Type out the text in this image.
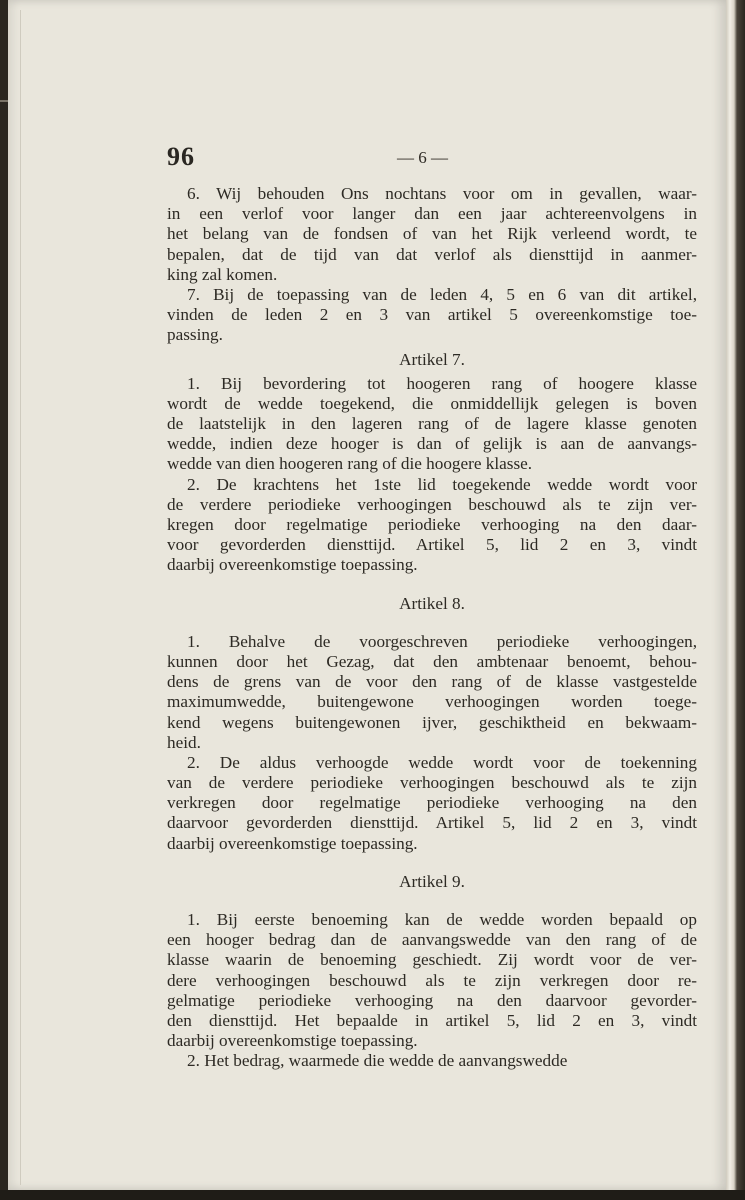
96	— 6 —
6. Wij behouden Ons nochtans voor om in gevallen, waar-
in een verlof voor langer dan een jaar achtereenvolgens in
het belang van de fondsen of van het Rijk verleend wordt, te
bepalen, dat de tijd van dat verlof als diensttijd in aanmer-
king zal komen.
7. Bij de toepassing van de leden 4, 5 en 6 van dit artikel,
vinden de leden 2 en 3 van artikel 5 overeenkomstige toe-
passing.
Artikel 7.
1. Bij bevordering tot hoogeren rang of hoogere klasse
wordt de wedde toegekend, die onmiddellijk gelegen is boven
de laatstelijk in den lageren rang of de lagere klasse genoten
wedde, indien deze hooger is dan of gelijk is aan de aanvangs-
wedde van dien hoogeren rang of die hoogere klasse.
2. De krachtens het 1ste lid toegekende wedde wordt voor
de verdere periodieke verhoogingen beschouwd als te zijn ver-
kregen door regelmatige periodieke verhooging na den daar-
voor gevorderden diensttijd. Artikel 5, lid 2 en 3, vindt
daarbij overeenkomstige toepassing.
Artikel 8.
1. Behalve de voorgeschreven periodieke verhoogingen,
kunnen door het Gezag, dat den ambtenaar benoemt, behou-
dens de grens van de voor den rang of de klasse vastgestelde
maximumwedde, buitengewone verhoogingen worden toege-
kend wegens buitengewonen ijver, geschiktheid en bekwaam-
heid.
2. De aldus verhoogde wedde wordt voor de toekenning
van de verdere periodieke verhoogingen beschouwd als te zijn
verkregen door regelmatige periodieke verhooging na den
daarvoor gevorderden diensttijd. Artikel 5, lid 2 en 3, vindt
daarbij overeenkomstige toepassing.
Artikel 9.
1. Bij eerste benoeming kan de wedde worden bepaald op
een hooger bedrag dan de aanvangswedde van den rang of de
klasse waarin de benoeming geschiedt. Zij wordt voor de ver-
dere verhoogingen beschouwd als te zijn verkregen door re-
gelmatige periodieke verhooging na den daarvoor gevorder-
den diensttijd. Het bepaalde in artikel 5, lid 2 en 3, vindt
daarbij overeenkomstige toepassing.
2. Het bedrag, waarmede die wedde de aanvangswedde
